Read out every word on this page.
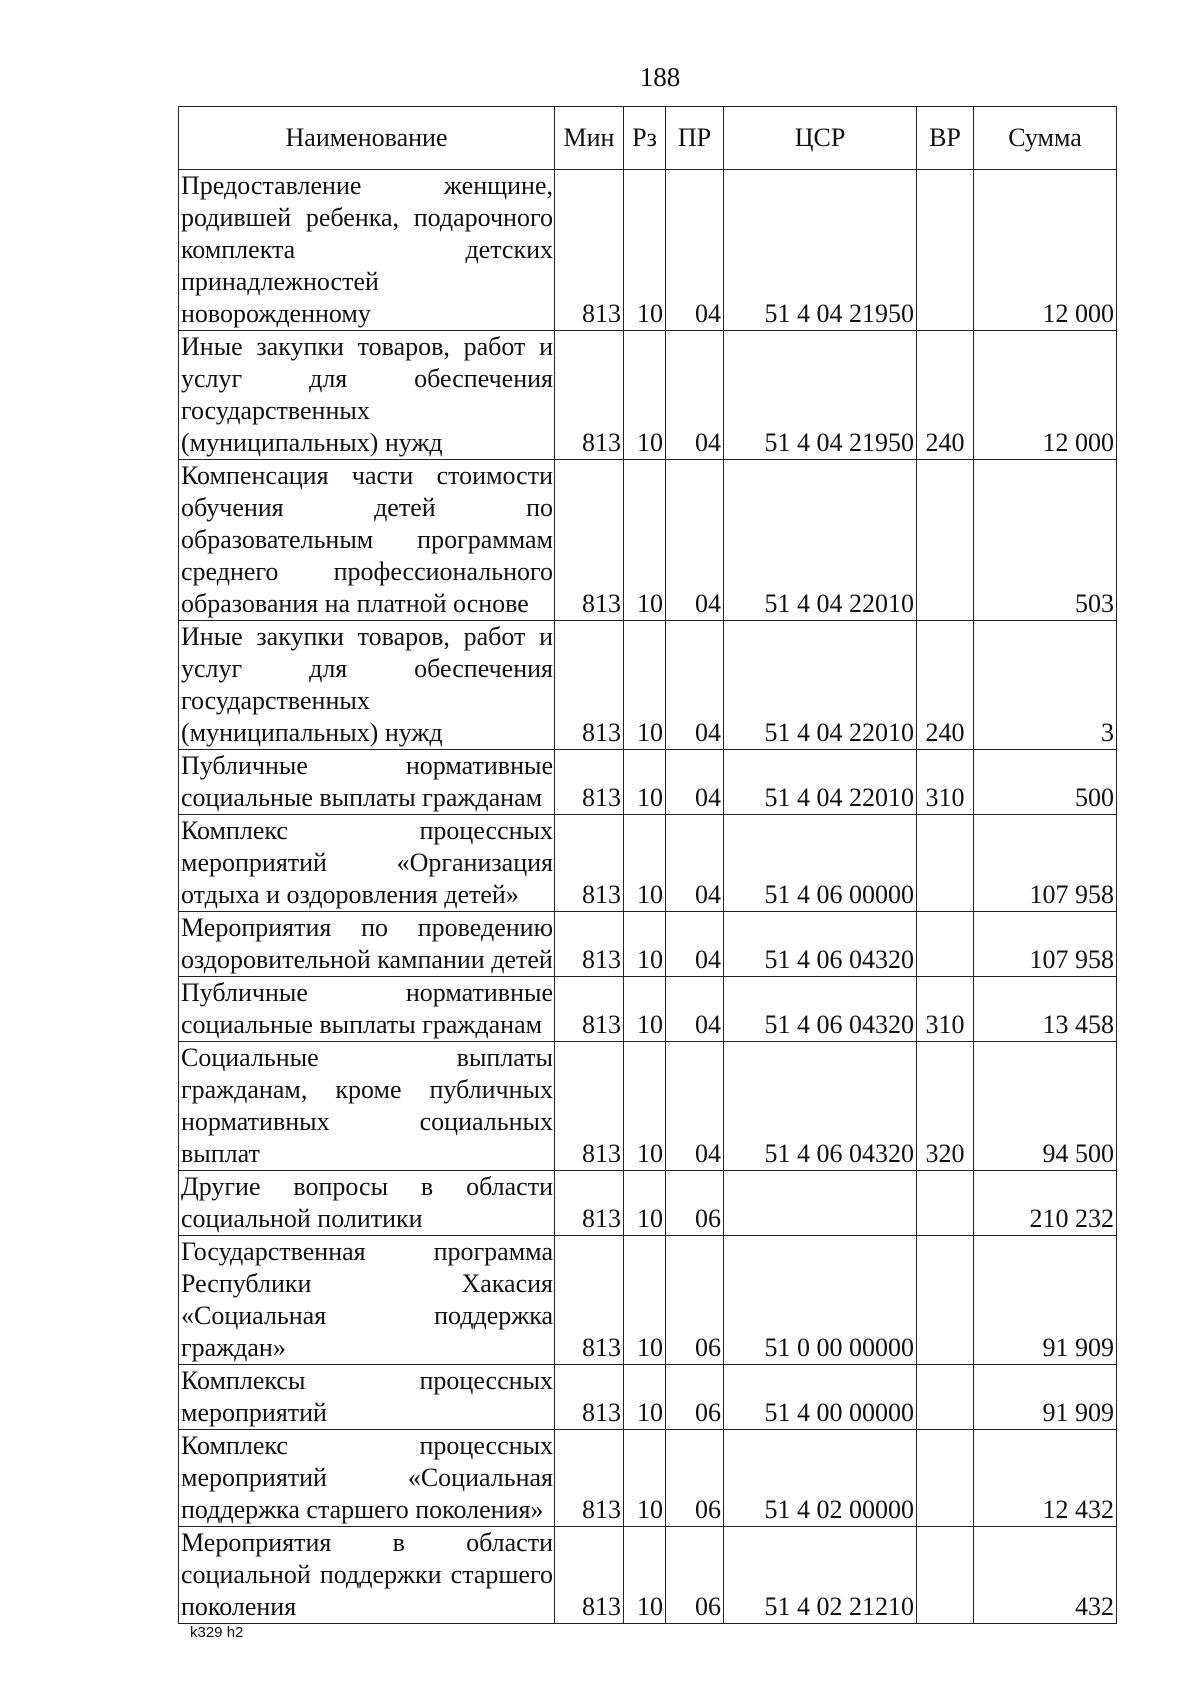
188
Наименование	Мин	Рз	ПР	ЦСР	ВР	Сумма
Предоставление женщине, родившей ребенка, подарочного комплекта детских принадлежностей новорожденному	813	10	04	51 4 04 21950		12 000
Иные закупки товаров, работ и услуг для обеспечения государственных (муниципальных) нужд	813	10	04	51 4 04 21950	240	12 000
Компенсация части стоимости обучения детей по образовательным программам среднего профессионального образования на платной основе	813	10	04	51 4 04 22010		503
Иные закупки товаров, работ и услуг для обеспечения государственных (муниципальных) нужд	813	10	04	51 4 04 22010	240	3
Публичные нормативные социальные выплаты гражданам	813	10	04	51 4 04 22010	310	500
Комплекс процессных мероприятий «Организация отдыха и оздоровления детей»	813	10	04	51 4 06 00000		107 958
Мероприятия по проведению оздоровительной кампании детей	813	10	04	51 4 06 04320		107 958
Публичные нормативные социальные выплаты гражданам	813	10	04	51 4 06 04320	310	13 458
Социальные выплаты гражданам, кроме публичных нормативных социальных выплат	813	10	04	51 4 06 04320	320	94 500
Другие вопросы в области социальной политики	813	10	06			210 232
Государственная программа Республики Хакасия «Социальная поддержка граждан»	813	10	06	51 0 00 00000		91 909
Комплексы процессных мероприятий	813	10	06	51 4 00 00000		91 909
Комплекс процессных мероприятий «Социальная поддержка старшего поколения»	813	10	06	51 4 02 00000		12 432
Мероприятия в области социальной поддержки старшего поколения	813	10	06	51 4 02 21210		432
k329 h2
